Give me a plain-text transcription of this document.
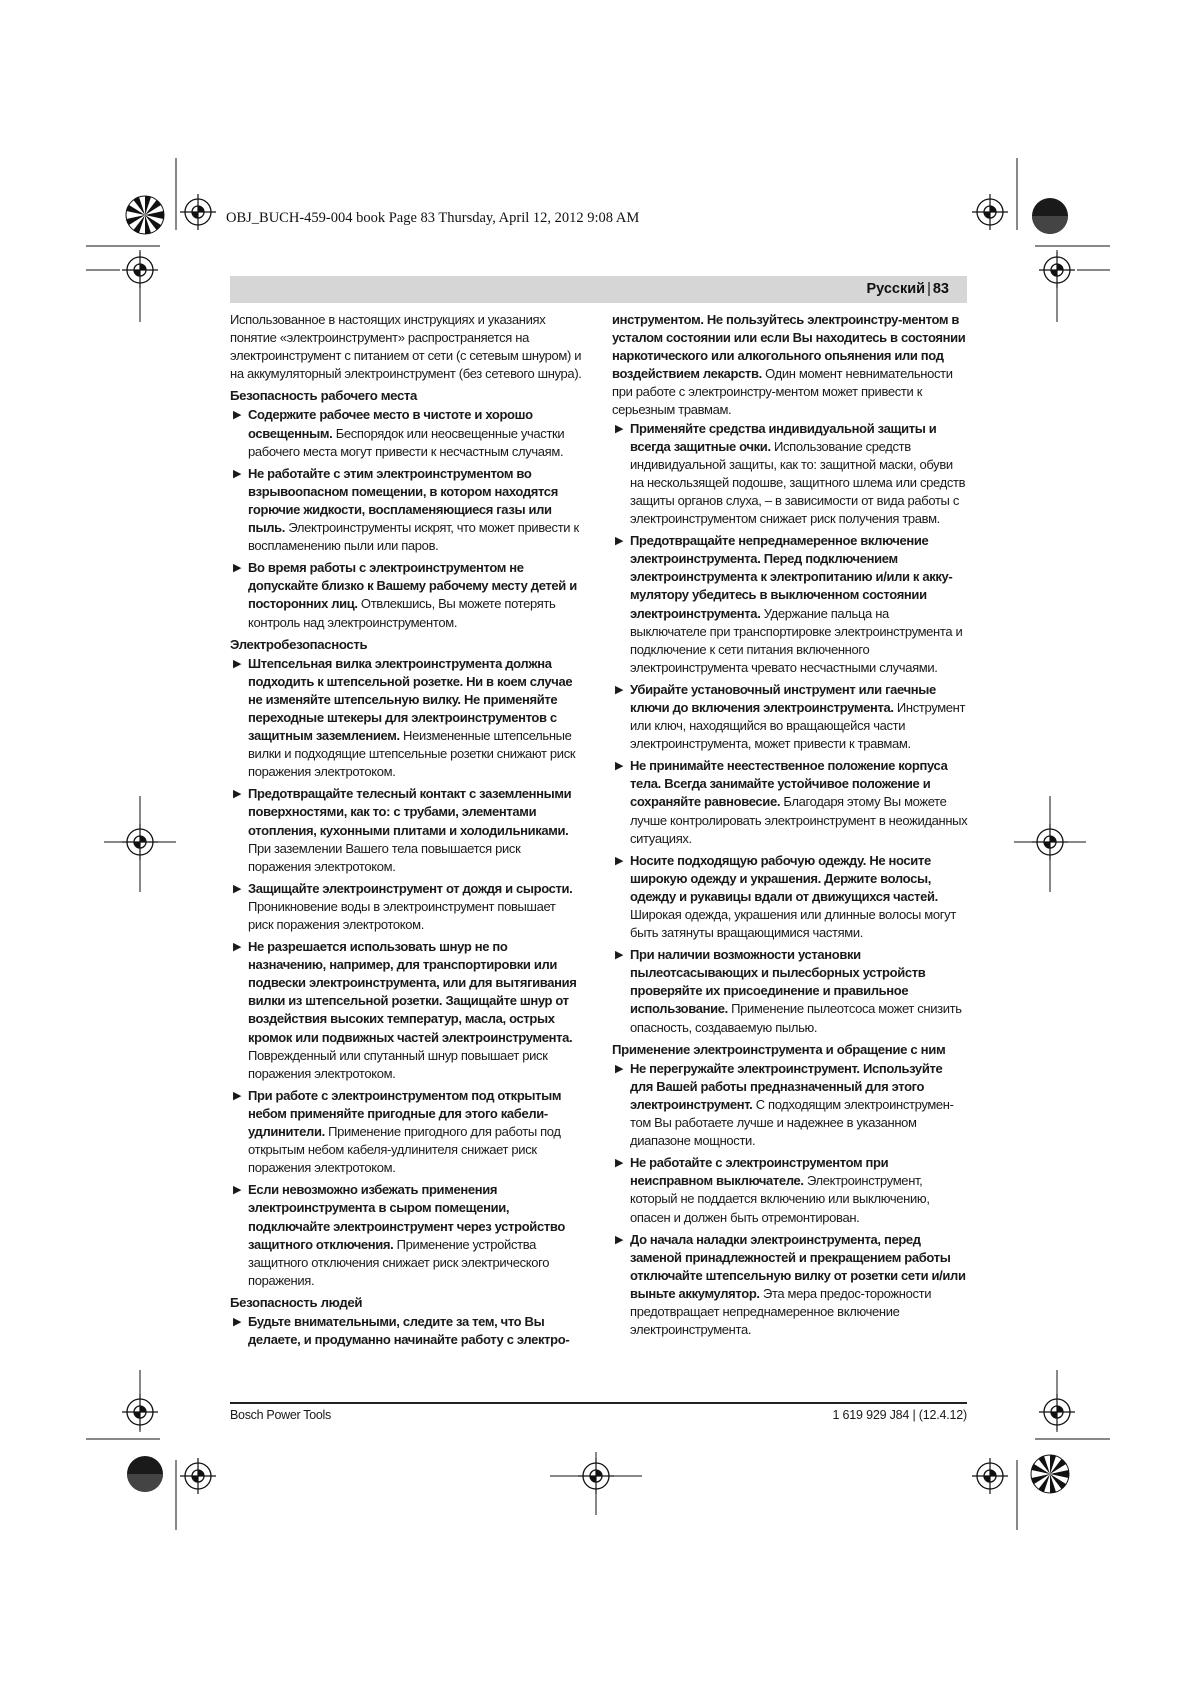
OBJ_BUCH-459-004 book Page 83 Thursday, April 12, 2012 9:08 AM
Русский | 83

Использованное в настоящих инструкциях и указаниях понятие «электроинструмент» распространяется на электроинструмент с питанием от сети (с сетевым шнуром) и на аккумуляторный электроинструмент (без сетевого шнура).

Безопасность рабочего места
▶ Содержите рабочее место в чистоте и хорошо освещенным. Беспорядок или неосвещенные участки рабочего места могут привести к несчастным случаям.
▶ Не работайте с этим электроинструментом во взрывоопасном помещении, в котором находятся горючие жидкости, воспламеняющиеся газы или пыль. Электроинструменты искрят, что может привести к воспламенению пыли или паров.
▶ Во время работы с электроинструментом не допускайте близко к Вашему рабочему месту детей и посторонних лиц. Отвлекшись, Вы можете потерять контроль над электроинструментом.
Электробезопасность
▶ Штепсельная вилка электроинструмента должна подходить к штепсельной розетке. Ни в коем случае не изменяйте штепсельную вилку. Не применяйте переходные штекеры для электроинструментов с защитным заземлением. Неизмененные штепсельные вилки и подходящие штепсельные розетки снижают риск поражения электротоком.
▶ Предотвращайте телесный контакт с заземленными поверхностями, как то: с трубами, элементами отопления, кухонными плитами и холодильниками. При заземлении Вашего тела повышается риск поражения электротоком.
▶ Защищайте электроинструмент от дождя и сырости. Проникновение воды в электроинструмент повышает риск поражения электротоком.
▶ Не разрешается использовать шнур не по назначению, например, для транспортировки или подвески электроинструмента, или для вытягивания вилки из штепсельной розетки. Защищайте шнур от воздействия высоких температур, масла, острых кромок или подвижных частей электроинструмента. Поврежденный или спутанный шнур повышает риск поражения электротоком.
▶ При работе с электроинструментом под открытым небом применяйте пригодные для этого кабели-удлинители. Применение пригодного для работы под открытым небом кабеля-удлинителя снижает риск поражения электротоком.
▶ Если невозможно избежать применения электроинструмента в сыром помещении, подключайте электроинструмент через устройство защитного отключения. Применение устройства защитного отключения снижает риск электрического поражения.
Безопасность людей
▶ Будьте внимательными, следите за тем, что Вы делаете, и продуманно начинайте работу с электро-

инструментом. Не пользуйтесь электроинстру-ментом в усталом состоянии или если Вы находитесь в состоянии наркотического или алкогольного опьянения или под воздействием лекарств. Один момент невнимательности при работе с электроинстру-ментом может привести к серьезным травмам.

▶ Применяйте средства индивидуальной защиты и всегда защитные очки. Использование средств индивидуальной защиты, как то: защитной маски, обуви на нескользящей подошве, защитного шлема или средств защиты органов слуха, – в зависимости от вида работы с электроинструментом снижает риск получения травм.
▶ Предотвращайте непреднамеренное включение электроинструмента. Перед подключением электроинструмента к электропитанию и/или к акку-мулятору убедитесь в выключенном состоянии электроинструмента. Удержание пальца на выключателе при транспортировке электроинструмента и подключение к сети питания включенного электроинструмента чревато несчастными случаями.
▶ Убирайте установочный инструмент или гаечные ключи до включения электроинструмента. Инструмент или ключ, находящийся во вращающейся части электроинструмента, может привести к травмам.
▶ Не принимайте неестественное положение корпуса тела. Всегда занимайте устойчивое положение и сохраняйте равновесие. Благодаря этому Вы можете лучше контролировать электроинструмент в неожиданных ситуациях.
▶ Носите подходящую рабочую одежду. Не носите широкую одежду и украшения. Держите волосы, одежду и рукавицы вдали от движущихся частей. Широкая одежда, украшения или длинные волосы могут быть затянуты вращающимися частями.
▶ При наличии возможности установки пылеотсасывающих и пылесборных устройств проверяйте их присоединение и правильное использование. Применение пылеотсоса может снизить опасность, создаваемую пылью.
Применение электроинструмента и обращение с ним
▶ Не перегружайте электроинструмент. Используйте для Вашей работы предназначенный для этого электроинструмент. С подходящим электроинструмен-том Вы работаете лучше и надежнее в указанном диапазоне мощности.
▶ Не работайте с электроинструментом при неисправном выключателе. Электроинструмент, который не поддается включению или выключению, опасен и должен быть отремонтирован.
▶ До начала наладки электроинструмента, перед заменой принадлежностей и прекращением работы отключайте штепсельную вилку от розетки сети и/или выньте аккумулятор. Эта мера предос-торожности предотвращает непреднамеренное включение электроинструмента.
Bosch Power Tools	1 619 929 J84 | (12.4.12)
